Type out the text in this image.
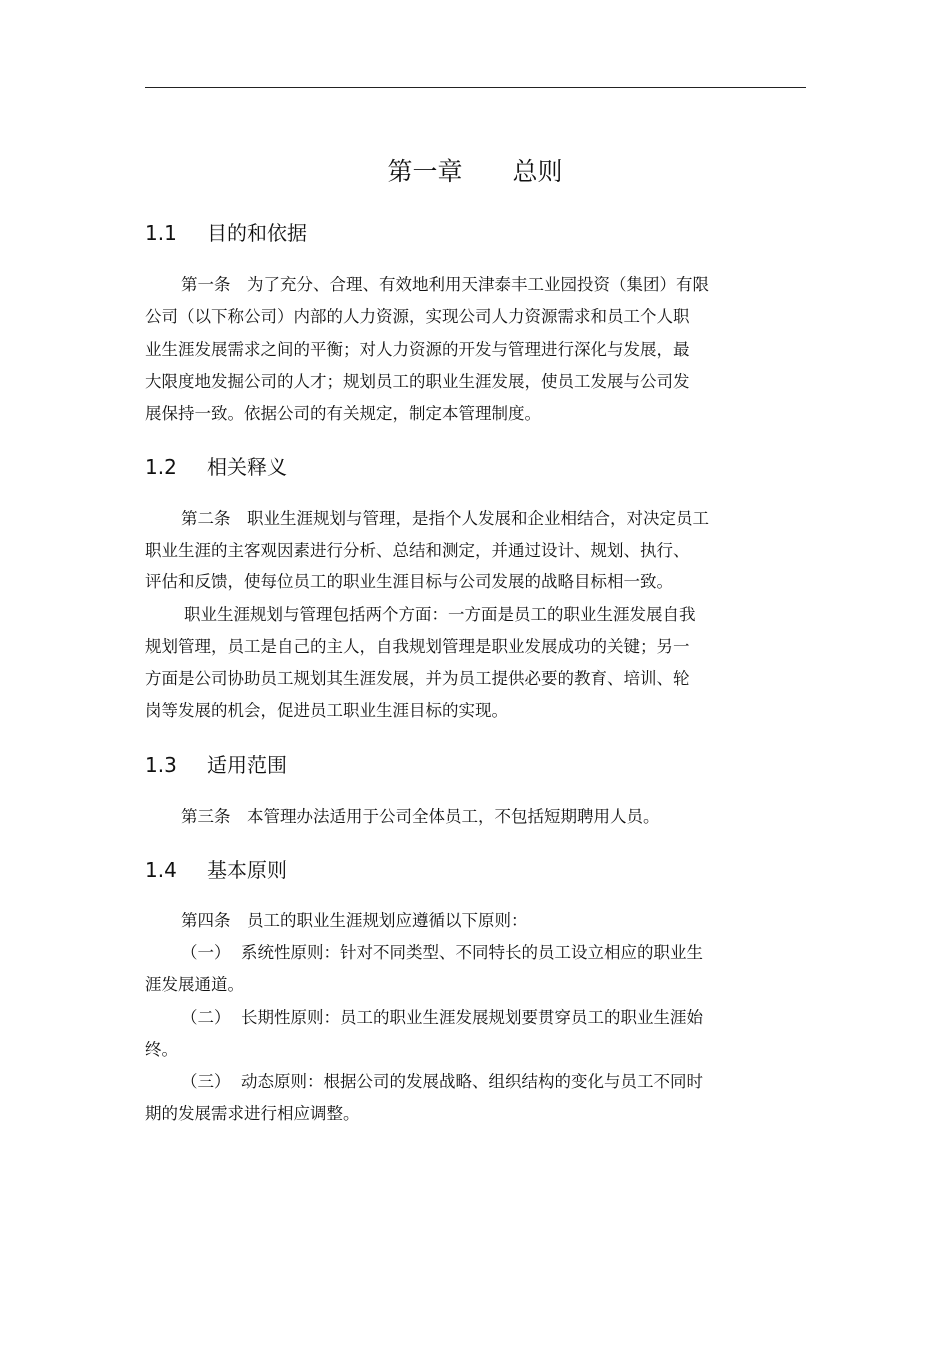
第一章　　总则
1.1 目的和依据
第一条　为了充分、合理、有效地利用天津泰丰工业园投资（集团）有限
公司（以下称公司）内部的人力资源，实现公司人力资源需求和员工个人职
业生涯发展需求之间的平衡；对人力资源的开发与管理进行深化与发展，最
大限度地发掘公司的人才；规划员工的职业生涯发展，使员工发展与公司发
展保持一致。依据公司的有关规定，制定本管理制度。
1.2 相关释义
第二条　职业生涯规划与管理，是指个人发展和企业相结合，对决定员工
职业生涯的主客观因素进行分析、总结和测定，并通过设计、规划、执行、
评估和反馈，使每位员工的职业生涯目标与公司发展的战略目标相一致。
职业生涯规划与管理包括两个方面：一方面是员工的职业生涯发展自我
规划管理，员工是自己的主人，自我规划管理是职业发展成功的关键；另一
方面是公司协助员工规划其生涯发展，并为员工提供必要的教育、培训、轮
岗等发展的机会，促进员工职业生涯目标的实现。
1.3 适用范围
第三条　本管理办法适用于公司全体员工，不包括短期聘用人员。
1.4 基本原则
第四条　员工的职业生涯规划应遵循以下原则：
（一）  系统性原则：针对不同类型、不同特长的员工设立相应的职业生
涯发展通道。
（二）  长期性原则：员工的职业生涯发展规划要贯穿员工的职业生涯始
终。
（三）  动态原则：根据公司的发展战略、组织结构的变化与员工不同时
期的发展需求进行相应调整。
